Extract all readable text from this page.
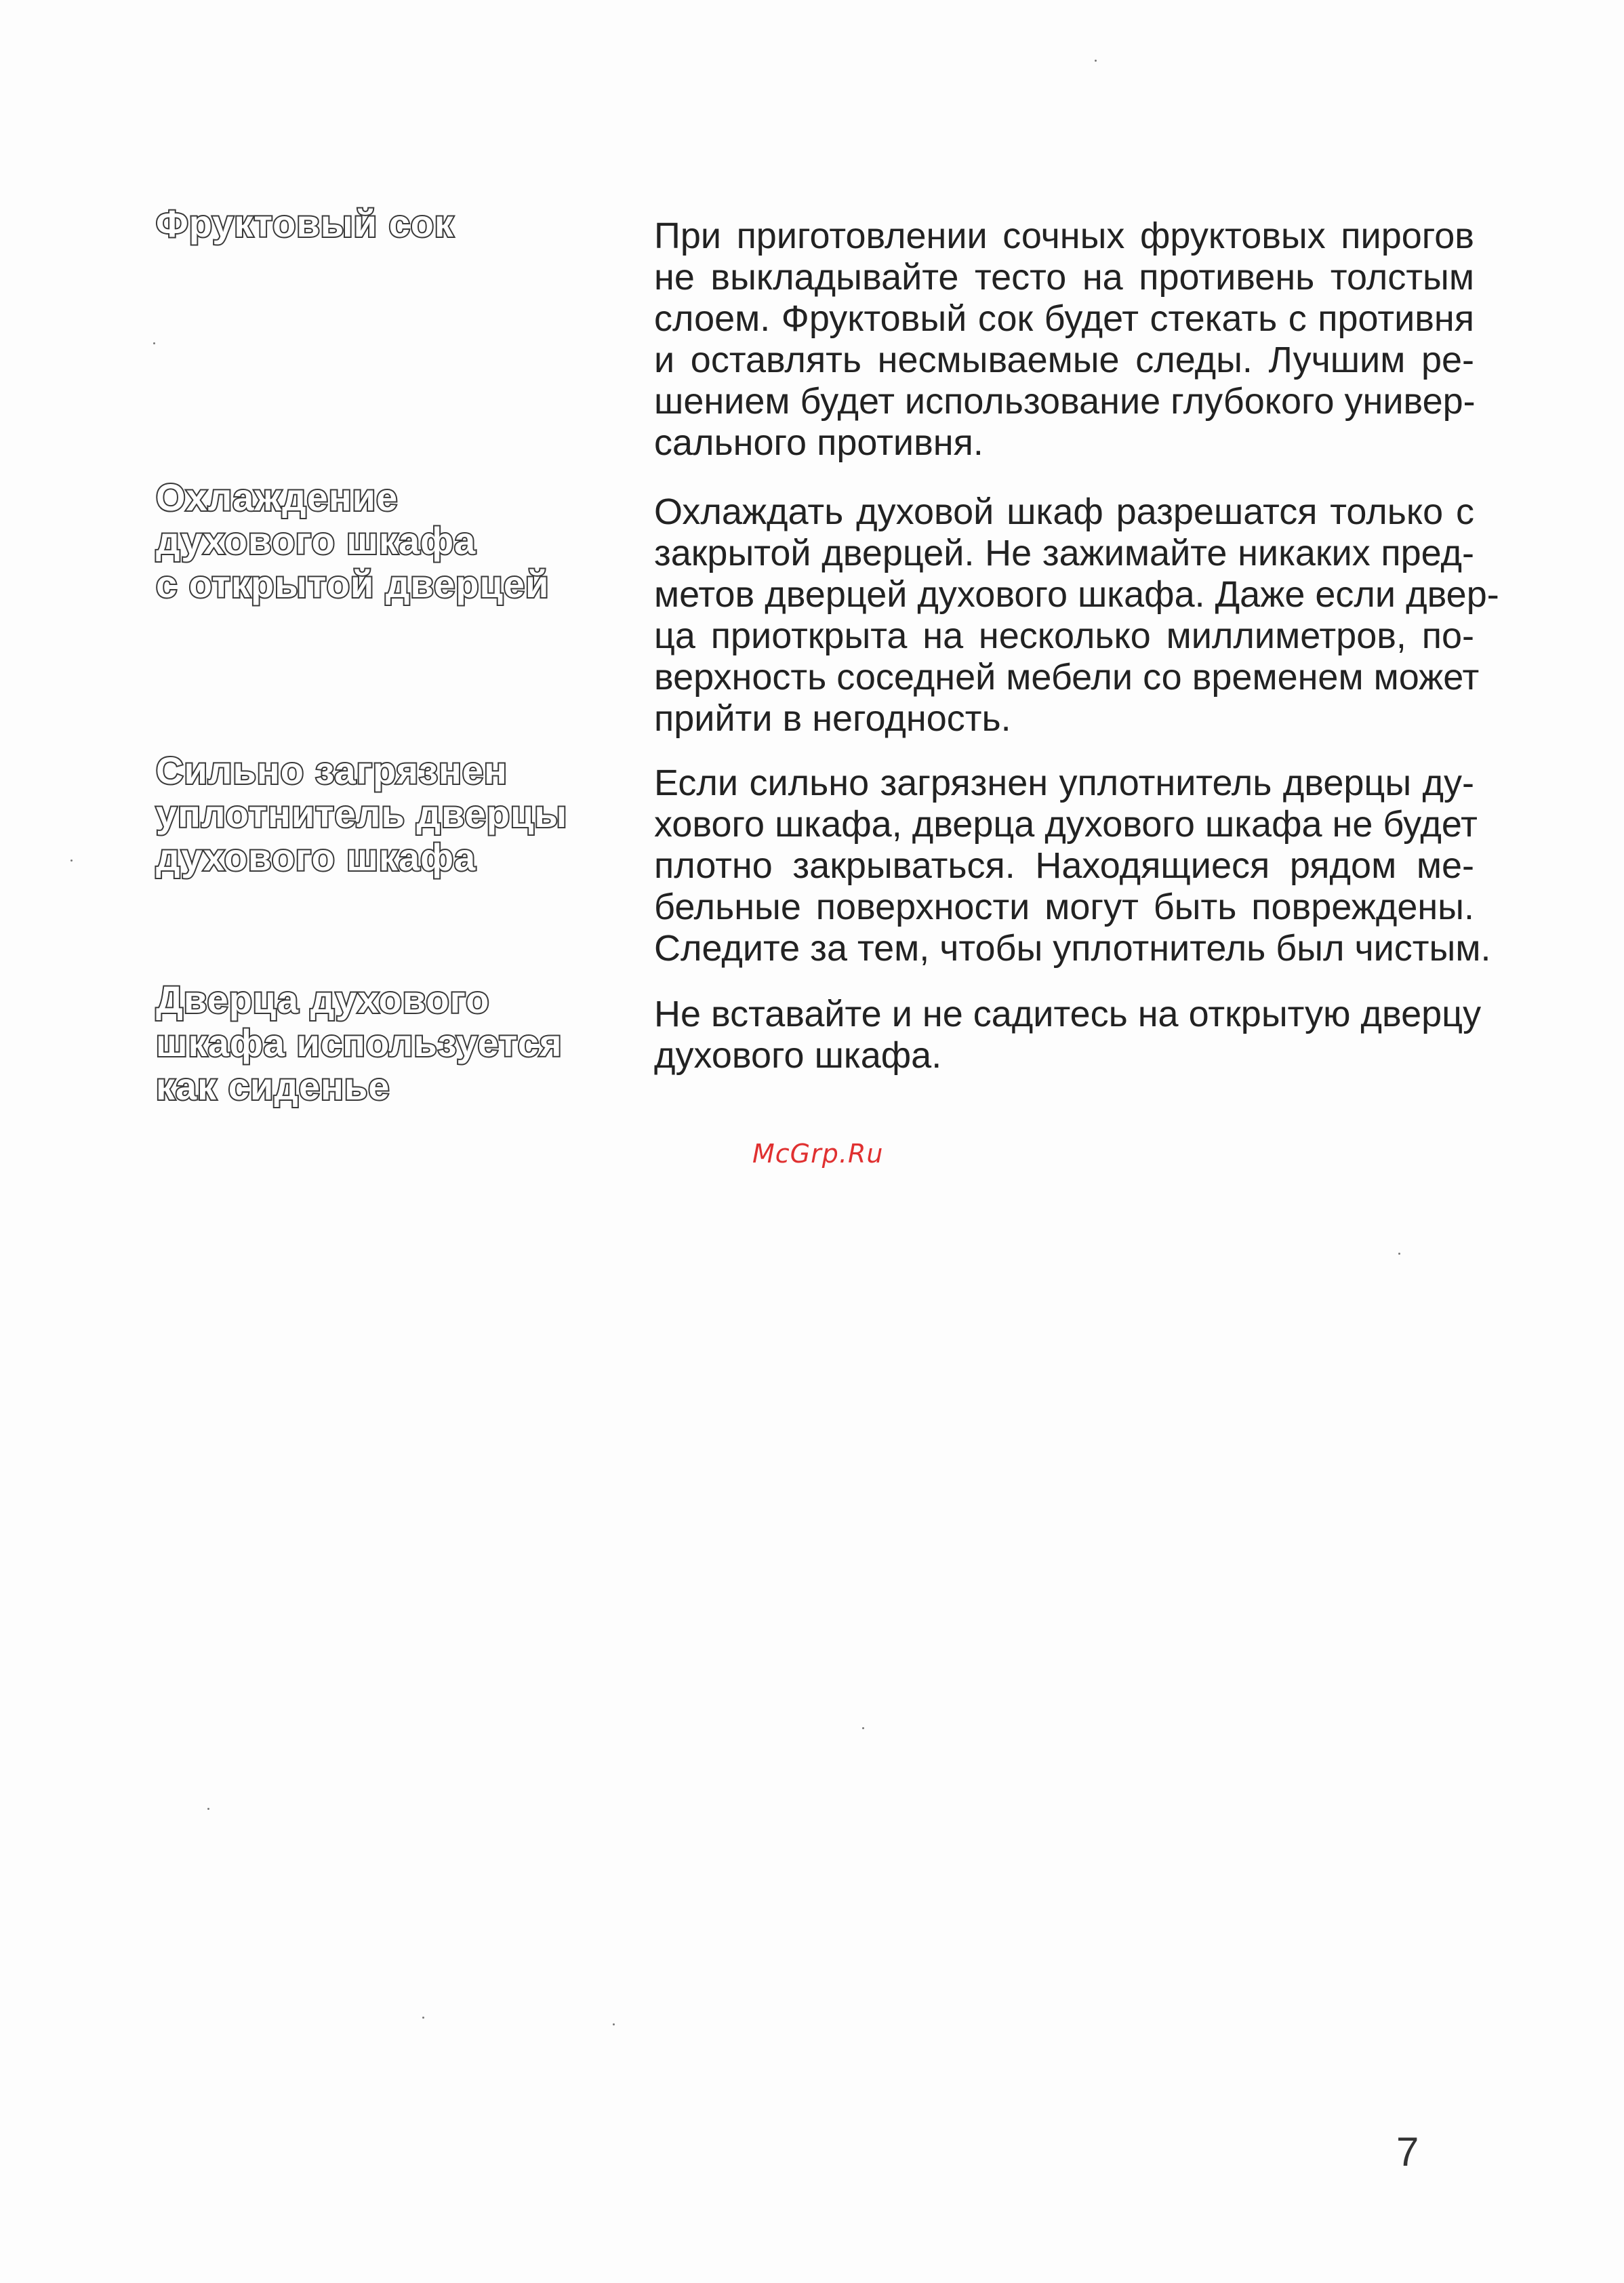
Фруктовый сок	При приготовлении сочных фруктовых пирогов
не выкладывайте тесто на противень толстым
слоем. Фруктовый сок будет стекать с противня
и оставлять несмываемые следы. Лучшим ре-
шением будет использование глубокого универ-
сального противня.
Охлаждение
духового шкафа
с открытой дверцей
Охлаждать духовой шкаф разрешатся только с
закрытой дверцей. Не зажимайте никаких пред-
метов дверцей духового шкафа. Даже если двер-
ца приоткрыта на несколько миллиметров, по-
верхность соседней мебели со временем может
прийти в негодность.
Сильно загрязнен
уплотнитель дверцы
духового шкафа
Если сильно загрязнен уплотнитель дверцы ду-
хового шкафа, дверца духового шкафа не будет
плотно закрываться. Находящиеся рядом ме-
бельные поверхности могут быть повреждены.
Следите за тем, чтобы уплотнитель был чистым.
Дверца духового
шкафа используется
как сиденье
Не вставайте и не садитесь на открытую дверцу
духового шкафа.
McGrp.Ru
7
